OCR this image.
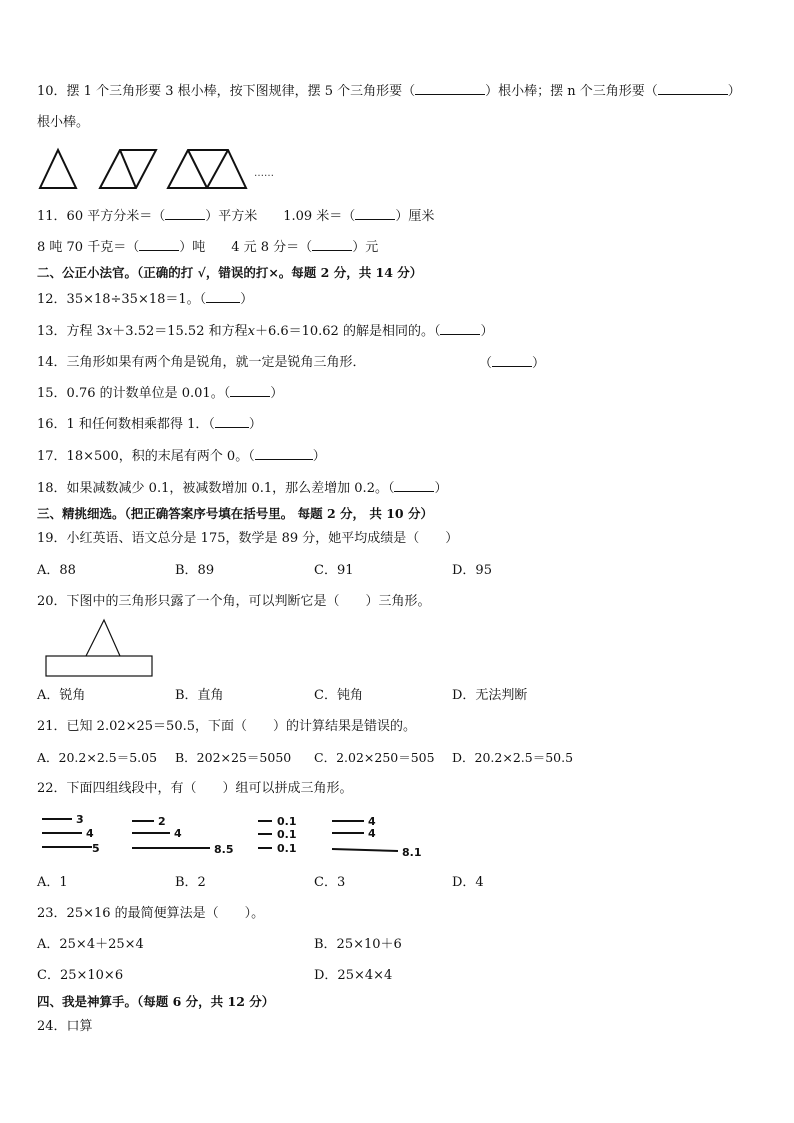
10．摆 1 个三角形要 3 根小棒，按下图规律，摆 5 个三角形要（	）根小棒；摆 n 个三角形要（	）
根小棒。
……
11．60 平方分米＝（	）平方米 1.09 米＝（	）厘米
8 吨 70 千克＝（	）吨 4 元 8 分＝（	）元
二、公正小法官。（正确的打 √，错误的打×。每题 2 分，共 14 分）
12．35×18÷35×18＝1。（	）
13．方程 3x＋3.52＝15.52 和方程x＋6.6＝10.62 的解是相同的。（	）
14．三角形如果有两个角是锐角，就一定是锐角三角形．	（	）
15．0.76 的计数单位是 0.01。（	）
16．1 和任何数相乘都得 1．（	）
17．18×500，积的末尾有两个 0。（	）
18．如果减数减少 0.1，被减数增加 0.1，那么差增加 0.2。（	）
三、精挑细选。（把正确答案序号填在括号里。 每题 2 分， 共 10 分）
19．小红英语、语文总分是 175，数学是 89 分，她平均成绩是（　　）
A．88	B．89	C．91	D．95
20．下图中的三角形只露了一个角，可以判断它是（　　）三角形。
A．锐角	B．直角	C．钝角	D．无法判断
21．已知 2.02×25＝50.5，下面（　　）的计算结果是错误的。
A．20.2×2.5＝5.05 B．202×25＝5050 C．2.02×250＝505 D．20.2×2.5＝50.5
22．下面四组线段中，有（　　）组可以拼成三角形。
3
4
5
2
4
8.5
0.1
0.1
0.1
4
4
8.1
A．1	B．2	C．3	D．4
23．25×16 的最简便算法是（　　）。
A．25×4＋25×4	B．25×10＋6
C．25×10×6	D．25×4×4
四、我是神算手。（每题 6 分，共 12 分）
24．口算
